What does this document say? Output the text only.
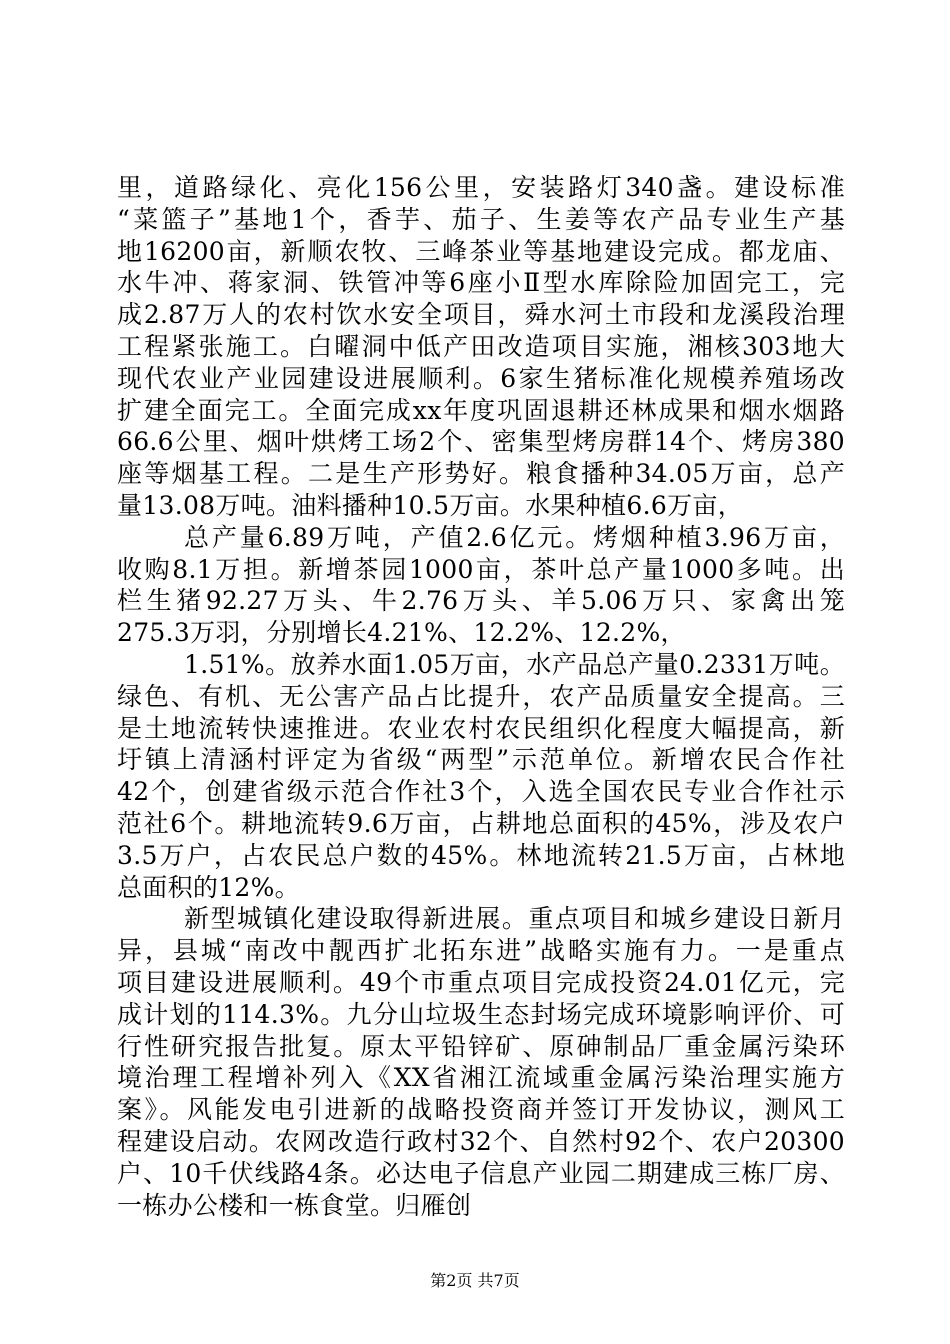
里，道路绿化、亮化156公里，安装路灯340盏。建设标准
“菜篮子”基地1个，香芋、茄子、生姜等农产品专业生产基
地16200亩，新顺农牧、三峰茶业等基地建设完成。都龙庙、
水牛冲、蒋家洞、铁管冲等6座小Ⅱ型水库除险加固完工，完
成2.87万人的农村饮水安全项目，舜水河土市段和龙溪段治理
工程紧张施工。白曜洞中低产田改造项目实施，湘核303地大
现代农业产业园建设进展顺利。6家生猪标准化规模养殖场改
扩建全面完工。全面完成xx年度巩固退耕还林成果和烟水烟路
66.6公里、烟叶烘烤工场2个、密集型烤房群14个、烤房380
座等烟基工程。二是生产形势好。粮食播种34.05万亩，总产
量13.08万吨。油料播种10.5万亩。水果种植6.6万亩，
总产量6.89万吨，产值2.6亿元。烤烟种植3.96万亩，
收购8.1万担。新增茶园1000亩，茶叶总产量1000多吨。出
栏生猪92.27万头、牛2.76万头、羊5.06万只、家禽出笼
275.3万羽，分别增长4.21%、12.2%、12.2%，
1.51%。放养水面1.05万亩，水产品总产量0.2331万吨。
绿色、有机、无公害产品占比提升，农产品质量安全提高。三
是土地流转快速推进。农业农村农民组织化程度大幅提高，新
圩镇上清涵村评定为省级“两型”示范单位。新增农民合作社
42个，创建省级示范合作社3个，入选全国农民专业合作社示
范社6个。耕地流转9.6万亩，占耕地总面积的45%，涉及农户
3.5万户，占农民总户数的45%。林地流转21.5万亩，占林地
总面积的12%。
新型城镇化建设取得新进展。重点项目和城乡建设日新月
异，县城“南改中靓西扩北拓东进”战略实施有力。一是重点
项目建设进展顺利。49个市重点项目完成投资24.01亿元，完
成计划的114.3%。九分山垃圾生态封场完成环境影响评价、可
行性研究报告批复。原太平铅锌矿、原砷制品厂重金属污染环
境治理工程增补列入《XX省湘江流域重金属污染治理实施方
案》。风能发电引进新的战略投资商并签订开发协议，测风工
程建设启动。农网改造行政村32个、自然村92个、农户20300
户、10千伏线路4条。必达电子信息产业园二期建成三栋厂房、
一栋办公楼和一栋食堂。归雁创
第2页 共7页
